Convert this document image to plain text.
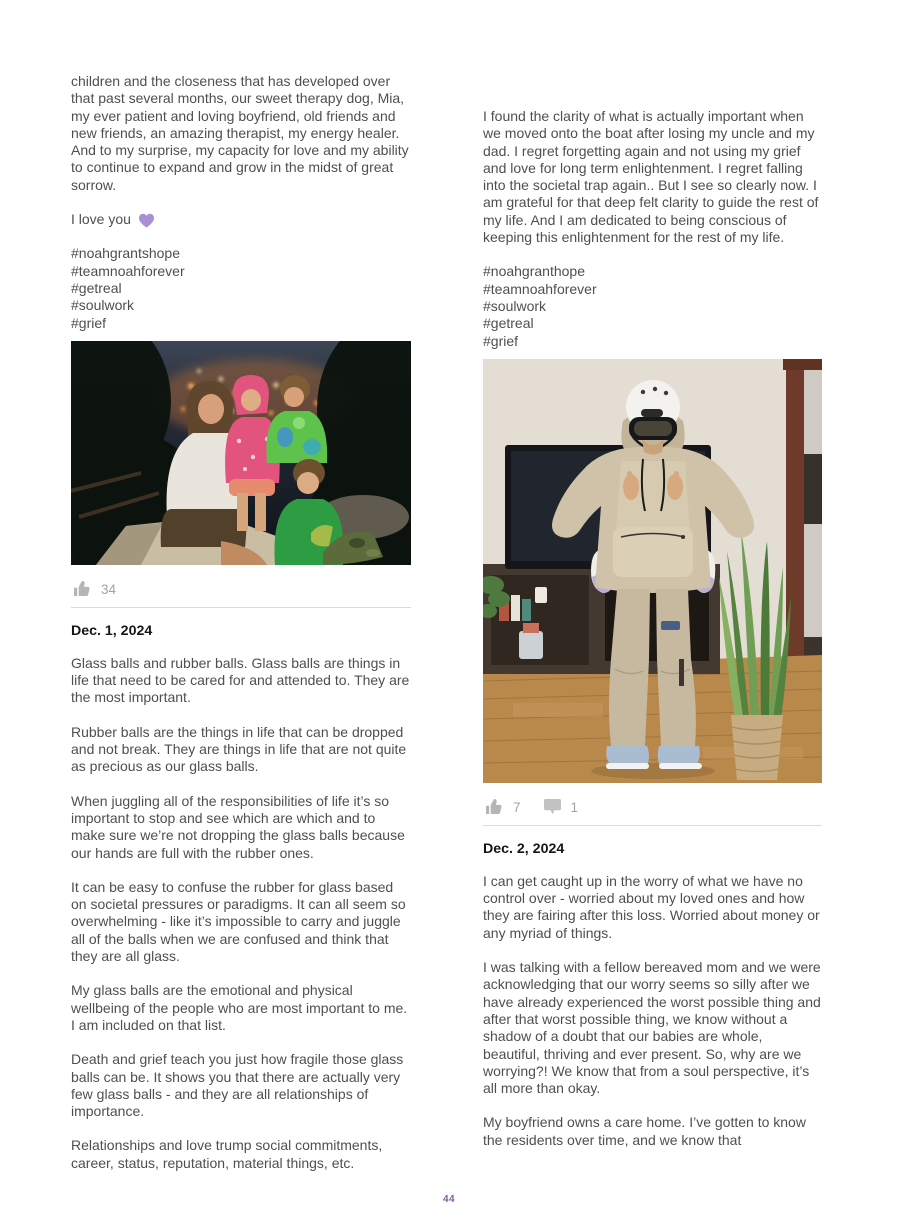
children and the closeness that has developed over that past several months, our sweet therapy dog, Mia, my ever patient and loving boyfriend, old friends and new friends, an amazing therapist, my energy healer. And to my surprise, my capacity for love and my ability to continue to expand and grow in the midst of great sorrow.

I love you

#noahgrantshope

#teamnoahforever

#getreal

#soulwork

#grief

34
Dec. 1, 2024

Glass balls and rubber balls. Glass balls are things in life that need to be cared for and attended to. They are the most important.

Rubber balls are the things in life that can be dropped and not break. They are things in life that are not quite as precious as our glass balls.

When juggling all of the responsibilities of life it’s so important to stop and see which are which and to make sure we’re not dropping the glass balls because our hands are full with the rubber ones.

It can be easy to confuse the rubber for glass based on societal pressures or paradigms. It can all seem so overwhelming - like it’s impossible to carry and juggle all of the balls when we are confused and think that they are all glass.

My glass balls are the emotional and physical wellbeing of the people who are most important to me. I am included on that list.

Death and grief teach you just how fragile those glass balls can be. It shows you that there are actually very few glass balls - and they are all relationships of importance.

Relationships and love trump social commitments, career, status, reputation, material things, etc.

I found the clarity of what is actually important when we moved onto the boat after losing my uncle and my dad. I regret forgetting again and not using my grief and love for long term enlightenment. I regret falling into the societal trap again.. But I see so clearly now. I am grateful for that deep felt clarity to guide the rest of my life. And I am dedicated to being conscious of keeping this enlightenment for the rest of my life.

#noahgranthope

#teamnoahforever

#soulwork

#getreal

#grief

7	1
Dec. 2, 2024

I can get caught up in the worry of what we have no control over - worried about my loved ones and how they are fairing after this loss. Worried about money or any myriad of things.

I was talking with a fellow bereaved mom and we were acknowledging that our worry seems so silly after we have already experienced the worst possible thing and after that worst possible thing, we know without a shadow of a doubt that our babies are whole, beautiful, thriving and ever present. So, why are we worrying?! We know that from a soul perspective, it’s all more than okay.

My boyfriend owns a care home. I’ve gotten to know the residents over time, and we know that

44
